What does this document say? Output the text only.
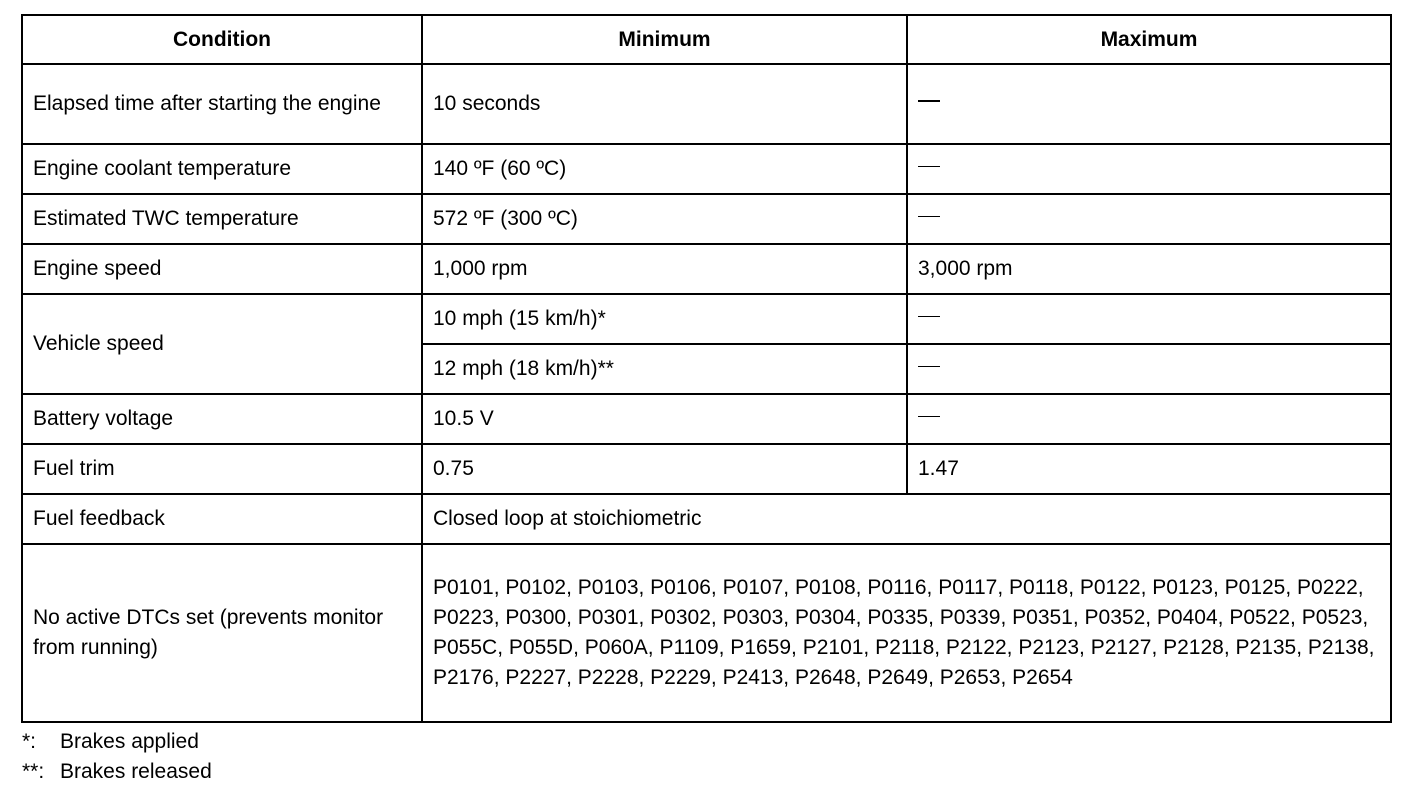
Condition	Minimum	Maximum
Elapsed time after starting the engine	10 seconds	
Engine coolant temperature	140 ºF (60 ºC)	
Estimated TWC temperature	572 ºF (300 ºC)	
Engine speed	1,000 rpm	3,000 rpm
Vehicle speed	10 mph (15 km/h)*	
	12 mph (18 km/h)**	
Battery voltage	10.5 V	
Fuel trim	0.75	1.47
Fuel feedback	Closed loop at stoichiometric	
No active DTCs set (prevents monitor from running)	P0101, P0102, P0103, P0106, P0107, P0108, P0116, P0117, P0118, P0122, P0123, P0125, P0222, P0223, P0300, P0301, P0302, P0303, P0304, P0335, P0339, P0351, P0352, P0404, P0522, P0523, P055C, P055D, P060A, P1109, P1659, P2101, P2118, P2122, P2123, P2127, P2128, P2135, P2138, P2176, P2227, P2228, P2229, P2413, P2648, P2649, P2653, P2654	
*: Brakes applied
**: Brakes released
